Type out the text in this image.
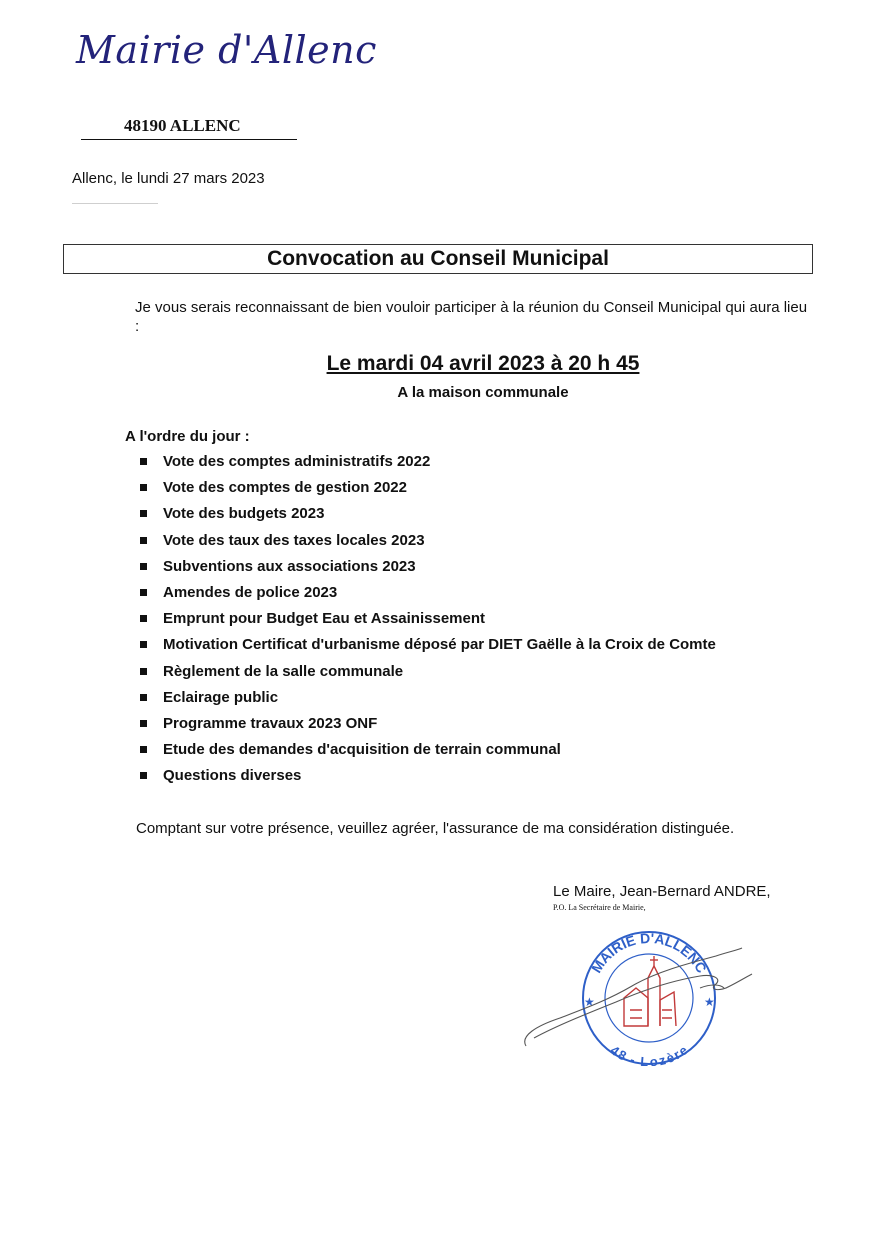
Mairie d'Allenc
48190 ALLENC
Allenc, le lundi 27 mars 2023
Convocation au Conseil Municipal
Je vous serais reconnaissant de bien vouloir participer à la réunion du Conseil Municipal qui aura lieu :
Le mardi 04 avril 2023 à 20 h 45
A la maison communale
A l'ordre du jour :
Vote des comptes administratifs 2022
Vote des comptes de gestion 2022
Vote des budgets 2023
Vote des taux des taxes locales 2023
Subventions aux associations 2023
Amendes de police 2023
Emprunt pour Budget Eau et Assainissement
Motivation Certificat d'urbanisme déposé par DIET Gaëlle à la Croix de Comte
Règlement de la salle communale
Eclairage public
Programme travaux 2023 ONF
Etude des demandes d'acquisition de terrain communal
Questions diverses
Comptant sur votre présence, veuillez agréer, l'assurance de ma considération distinguée.
Le Maire, Jean-Bernard ANDRE,
P.O. La Secrétaire de Mairie,
MAIRIE D'ALLENC
48 - Lozère
★	★
